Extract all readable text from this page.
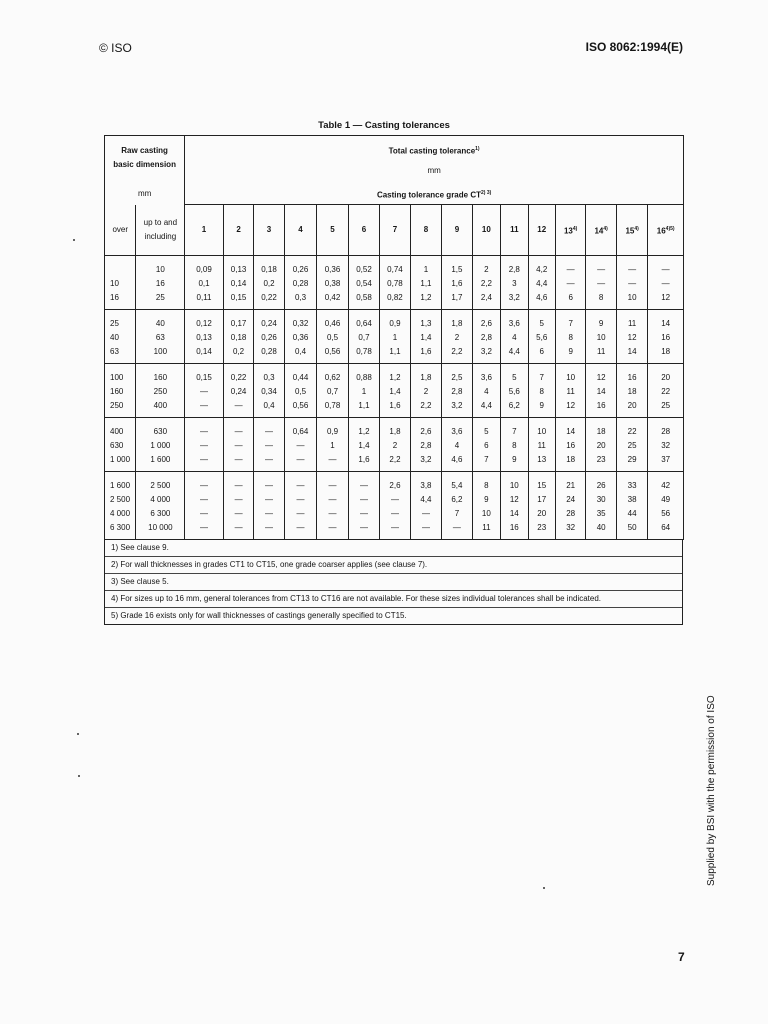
© ISO	ISO 8062:1994(E)
Table 1 — Casting tolerances
Raw casting basic dimension		Total casting tolerance$^{1)}$
mm															

mm		Casting tolerance grade $CT^{2) 3)}$
over	up to and including	1	2	3	4	5	6	7	8	9	10	11	12	13$^{4)}$	14$^{4)}$	15$^{4)}$	$16^{4)5)}$
	10	0,09	0,13	0,18	0,26	0,36	0,52	0,74	1	1,5	2	2,8	4,2	—	—	—	—
10	16	0,1	0,14	0,2	0,28	0,38	0,54	0,78	1,1	1,6	2,2	3	4,4	—	—	—	—
16	25	0,11	0,15	0,22	0,3	0,42	0,58	0,82	1,2	1,7	2,4	3,2	4,6	6	8	10	12
25	40	0,12	0,17	0,24	0,32	0,46	0,64	0,9	1,3	1,8	2,6	3,6	5	7	9	11	14
40	63	0,13	0,18	0,26	0,36	0,5	0,7	1	1,4	2	2,8	4	5,6	8	10	12	16
63	100	0,14	0,2	0,28	0,4	0,56	0,78	1,1	1,6	2,2	3,2	4,4	6	9	11	14	18
100	160	0,15	0,22	0,3	0,44	0,62	0,88	1,2	1,8	2,5	3,6	5	7	10	12	16	20
160	250	—	0,24	0,34	0,5	0,7	1	1,4	2	2,8	4	5,6	8	11	14	18	22
250	400	—	—	0,4	0,56	0,78	1,1	1,6	2,2	3,2	4,4	6,2	9	12	16	20	25
400	630	—	—	—	0,64	0,9	1,2	1,8	2,6	3,6	5	7	10	14	18	22	28
630	1 000	—	—	—	—	1	1,4	2	2,8	4	6	8	11	16	20	25	32
1 000	1 600	—	—	—	—	—	1,6	2,2	3,2	4,6	7	9	13	18	23	29	37
1 600	2 500	—	—	—	—	—	—	2,6	3,8	5,4	8	10	15	21	26	33	42
2 500	4 000	—	—	—	—	—	—	—	4,4	6,2	9	12	17	24	30	38	49
4 000	6 300	—	—	—	—	—	—	—	—	7	10	14	20	28	35	44	56
6 300	10 000	—	—	—	—	—	—	—	—	—	11	16	23	32	40	50	64
1) See clause 9.
2) For wall thicknesses in grades CT1 to CT15, one grade coarser applies (see clause 7).
3) See clause 5.
4) For sizes up to 16 mm, general tolerances from CT13 to CT16 are not available. For these sizes individual tolerances shall be indicated.
5) Grade 16 exists only for wall thicknesses of castings generally specified to CT15.
Supplied by BSI with the permission of ISO
7
